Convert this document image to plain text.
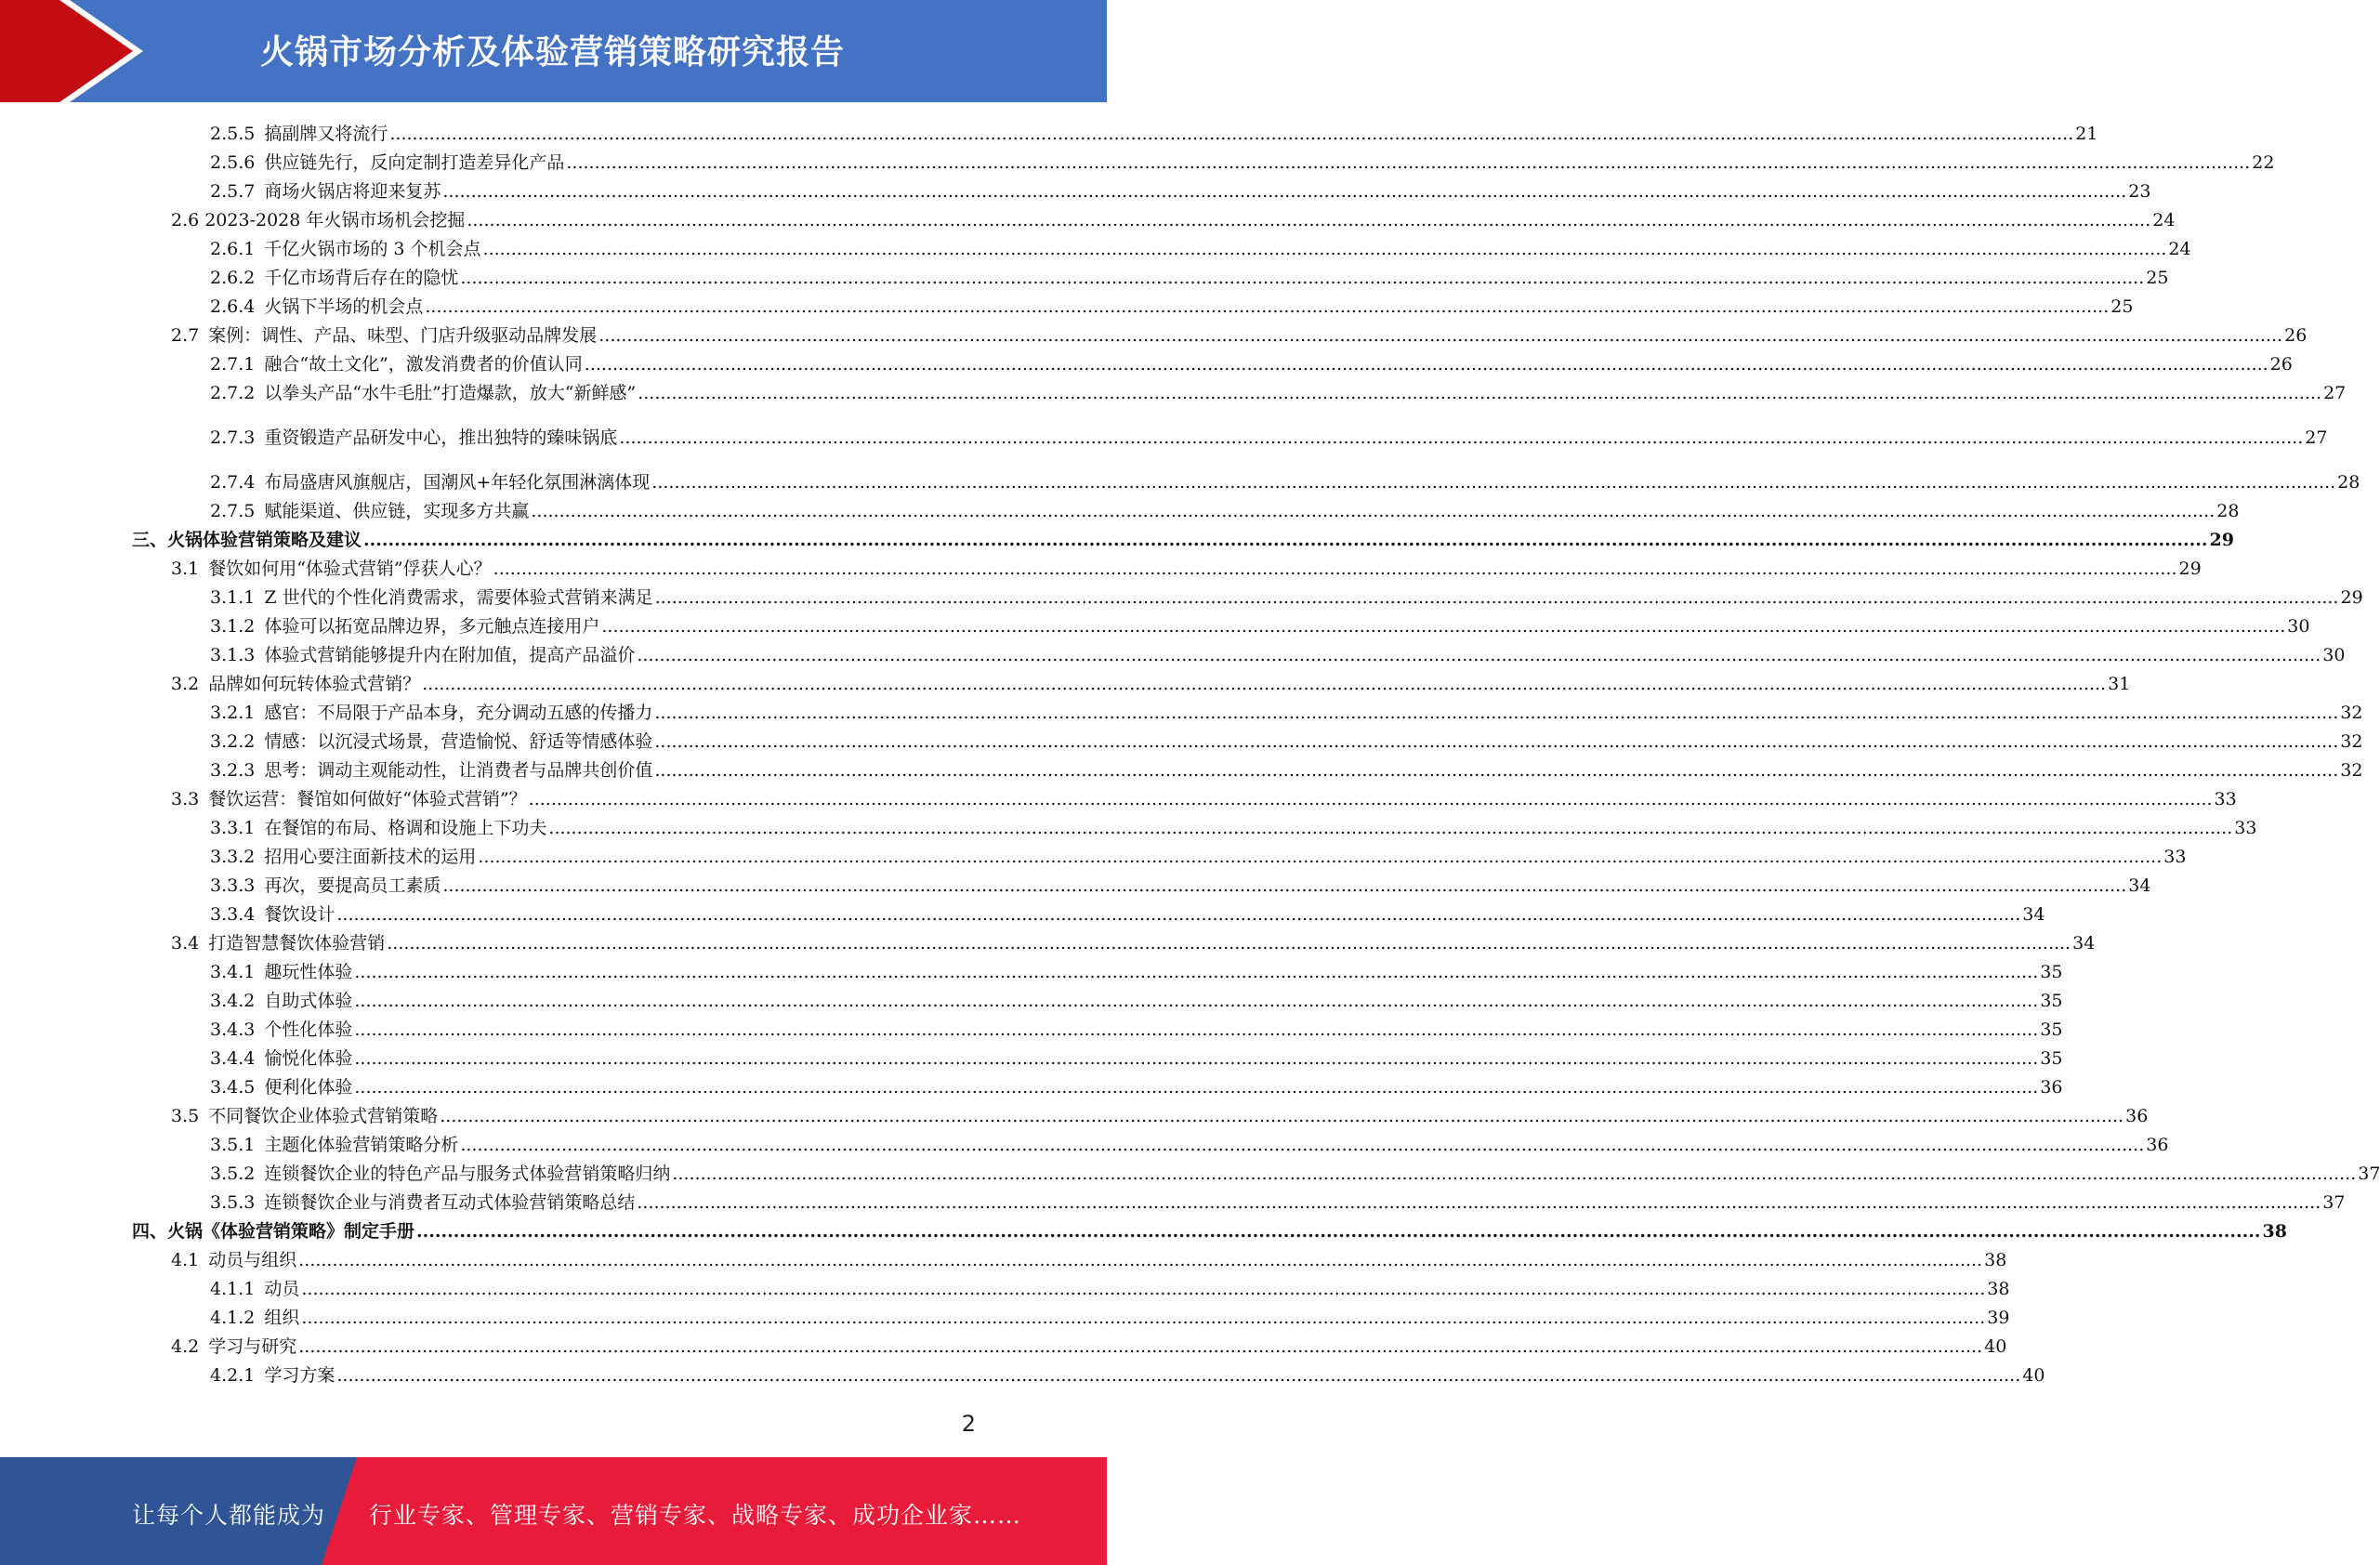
火锅市场分析及体验营销策略研究报告
2.5.5 搞副牌又将流行 ............................................................................................................................................................................................................................................................................................................ 21
2.5.6 供应链先行，反向定制打造差异化产品 ............................................................................................................................................................................................................................................................................................................ 22
2.5.7 商场火锅店将迎来复苏 ............................................................................................................................................................................................................................................................................................................ 23
2.6 2023-2028 年火锅市场机会挖掘 ............................................................................................................................................................................................................................................................................................................ 24
2.6.1 千亿火锅市场的 3 个机会点 ............................................................................................................................................................................................................................................................................................................ 24
2.6.2 千亿市场背后存在的隐忧 ............................................................................................................................................................................................................................................................................................................ 25
2.6.4 火锅下半场的机会点 ............................................................................................................................................................................................................................................................................................................ 25
2.7 案例：调性、产品、味型、门店升级驱动品牌发展 ............................................................................................................................................................................................................................................................................................................ 26
2.7.1 融合“故土文化”，激发消费者的价值认同 ............................................................................................................................................................................................................................................................................................................ 26
2.7.2 以拳头产品“水牛毛肚”打造爆款，放大“新鲜感” ............................................................................................................................................................................................................................................................................................................ 27
2.7.3 重资锻造产品研发中心，推出独特的臻味锅底 ............................................................................................................................................................................................................................................................................................................ 27
2.7.4 布局盛唐风旗舰店，国潮风+年轻化氛围淋漓体现 ............................................................................................................................................................................................................................................................................................................ 28
2.7.5 赋能渠道、供应链，实现多方共赢 ............................................................................................................................................................................................................................................................................................................ 28
三、 火锅体验营销策略及建议 ............................................................................................................................................................................................................................................................................................................ 29
3.1 餐饮如何用“体验式营销”俘获人心？ ............................................................................................................................................................................................................................................................................................................ 29
3.1.1 Z 世代的个性化消费需求，需要体验式营销来满足 ............................................................................................................................................................................................................................................................................................................ 29
3.1.2 体验可以拓宽品牌边界，多元触点连接用户 ............................................................................................................................................................................................................................................................................................................ 30
3.1.3 体验式营销能够提升内在附加值，提高产品溢价 ............................................................................................................................................................................................................................................................................................................ 30
3.2 品牌如何玩转体验式营销？ ............................................................................................................................................................................................................................................................................................................ 31
3.2.1 感官：不局限于产品本身，充分调动五感的传播力 ............................................................................................................................................................................................................................................................................................................ 32
3.2.2 情感：以沉浸式场景，营造愉悦、舒适等情感体验 ............................................................................................................................................................................................................................................................................................................ 32
3.2.3 思考：调动主观能动性，让消费者与品牌共创价值 ............................................................................................................................................................................................................................................................................................................ 32
3.3 餐饮运营：餐馆如何做好“体验式营销”？ ............................................................................................................................................................................................................................................................................................................ 33
3.3.1 在餐馆的布局、格调和设施上下功夫 ............................................................................................................................................................................................................................................................................................................ 33
3.3.2 招用心要注面新技术的运用 ............................................................................................................................................................................................................................................................................................................ 33
3.3.3 再次，要提高员工素质 ............................................................................................................................................................................................................................................................................................................ 34
3.3.4 餐饮设计 ............................................................................................................................................................................................................................................................................................................ 34
3.4 打造智慧餐饮体验营销 ............................................................................................................................................................................................................................................................................................................ 34
3.4.1 趣玩性体验 ............................................................................................................................................................................................................................................................................................................ 35
3.4.2 自助式体验 ............................................................................................................................................................................................................................................................................................................ 35
3.4.3 个性化体验 ............................................................................................................................................................................................................................................................................................................ 35
3.4.4 愉悦化体验 ............................................................................................................................................................................................................................................................................................................ 35
3.4.5 便利化体验 ............................................................................................................................................................................................................................................................................................................ 36
3.5 不同餐饮企业体验式营销策略 ............................................................................................................................................................................................................................................................................................................ 36
3.5.1 主题化体验营销策略分析 ............................................................................................................................................................................................................................................................................................................ 36
3.5.2 连锁餐饮企业的特色产品与服务式体验营销策略归纳 ............................................................................................................................................................................................................................................................................................................ 37
3.5.3 连锁餐饮企业与消费者互动式体验营销策略总结 ............................................................................................................................................................................................................................................................................................................ 37
四、 火锅《体验营销策略》制定手册 ............................................................................................................................................................................................................................................................................................................ 38
4.1 动员与组织 ............................................................................................................................................................................................................................................................................................................ 38
4.1.1 动员 ............................................................................................................................................................................................................................................................................................................ 38
4.1.2 组织 ............................................................................................................................................................................................................................................................................................................ 39
4.2 学习与研究 ............................................................................................................................................................................................................................................................................................................ 40
4.2.1 学习方案 ............................................................................................................................................................................................................................................................................................................ 40
2
让每个人都能成为 行业专家、管理专家、营销专家、战略专家、成功企业家……
